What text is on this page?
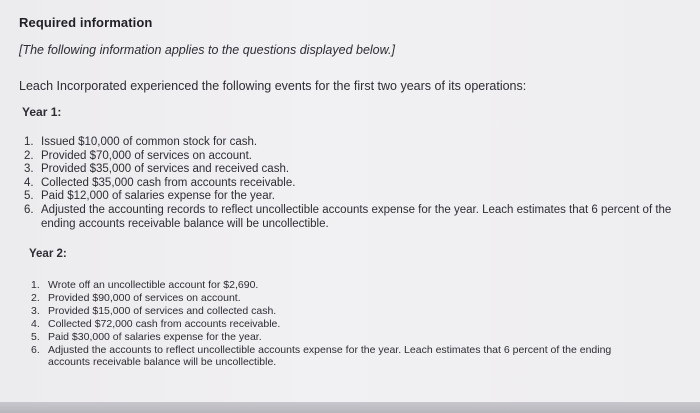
Required information
[The following information applies to the questions displayed below.]
Leach Incorporated experienced the following events for the first two years of its operations:
Year 1:
1. Issued $10,000 of common stock for cash.
2. Provided $70,000 of services on account.
3. Provided $35,000 of services and received cash.
4. Collected $35,000 cash from accounts receivable.
5. Paid $12,000 of salaries expense for the year.
6. Adjusted the accounting records to reflect uncollectible accounts expense for the year. Leach estimates that 6 percent of the ending accounts receivable balance will be uncollectible.
Year 2:
1. Wrote off an uncollectible account for $2,690.
2. Provided $90,000 of services on account.
3. Provided $15,000 of services and collected cash.
4. Collected $72,000 cash from accounts receivable.
5. Paid $30,000 of salaries expense for the year.
6. Adjusted the accounts to reflect uncollectible accounts expense for the year. Leach estimates that 6 percent of the ending accounts receivable balance will be uncollectible.
